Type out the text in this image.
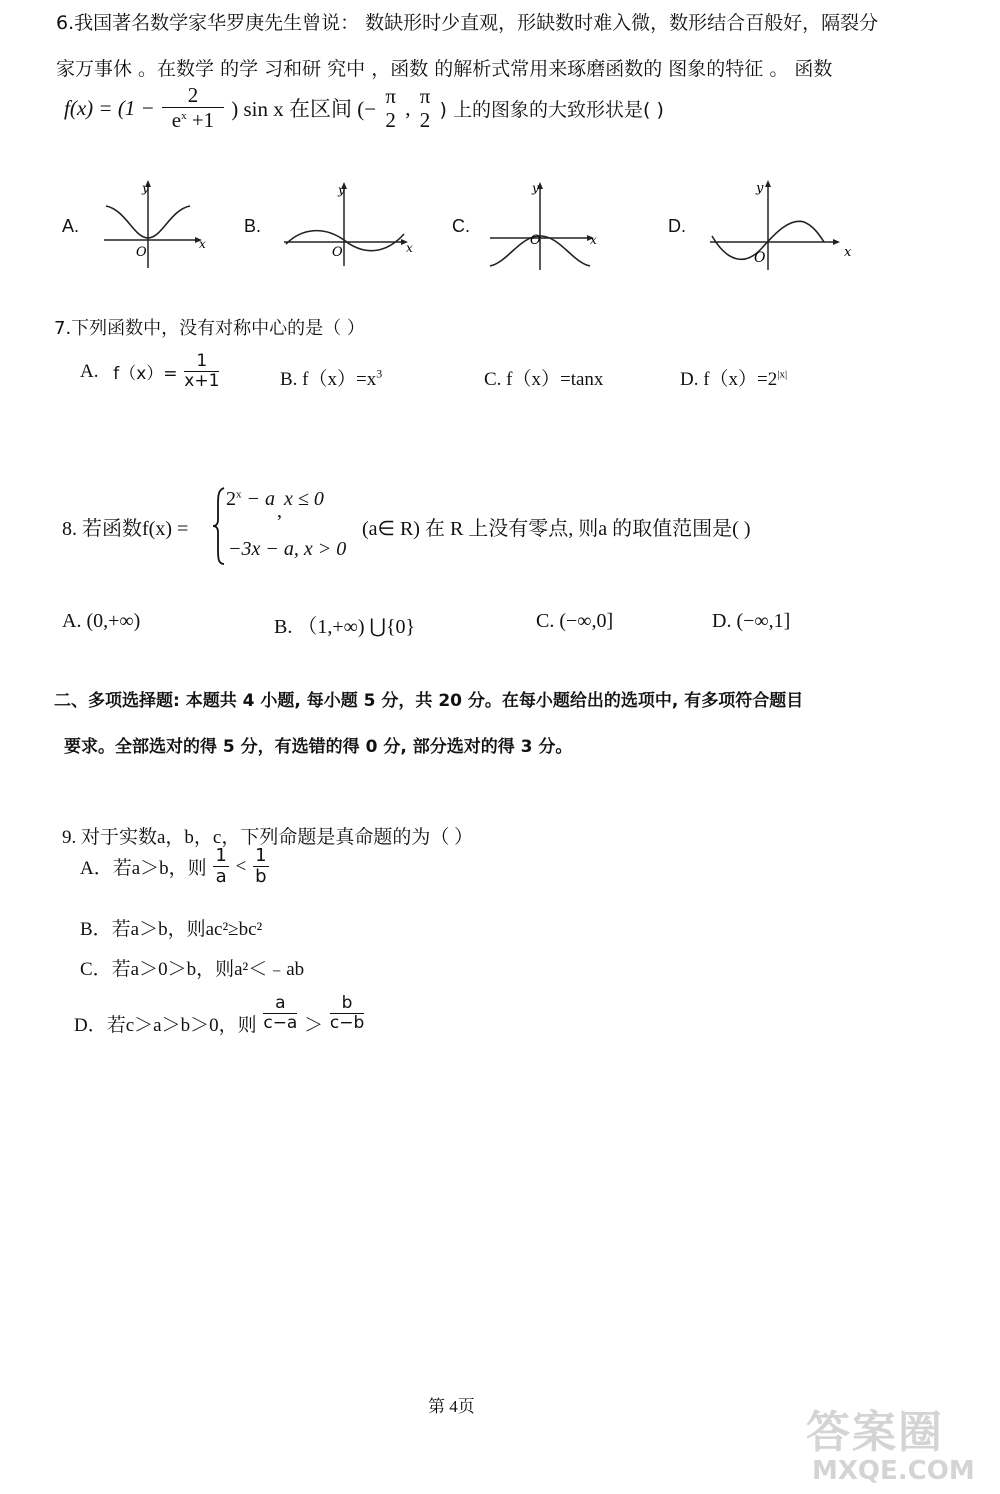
6.我国著名数学家华罗庚先生曾说： 数缺形时少直观，形缺数时难入微，数形结合百般好，隔裂分
家万事休 。在数学 的学 习和研 究中 ，函数 的解析式常用来琢磨函数的 图象的特征 。 函数
$f(x) = (1 - \frac{2}{e^x +1}$ ) sin x 在区间 (−
π
2 ,
π
2 ) 上的图象的大致形状是( )
A.
y
x
O
B.
y
x
O
C.
y
x
O
D.
y
x
O
7.下列函数中，没有对称中心的是（ ）
A. $f(x)= \frac{1}{x+1}$	B. $f(x)=x^3$	C. f（x）=tanx	D. $f(x)=2^{|x|}$
8. 若函数f(x) =
$2^x - a,x \le 0$
−3x − a, x > 0
(a∈ R) 在 R 上没有零点, 则a 的取值范围是( )
A. (0,+∞)	B. （1,+∞) ⋃{0}	C. (−∞,0]	D. (−∞,1]
二、多项选择题: 本题共 4 小题, 每小题 5 分，共 20 分。在每小题给出的选项中, 有多项符合题目
要求。全部选对的得 5 分，有选错的得 0 分, 部分选对的得 3 分。
9. 对于实数a，b，c，下列命题是真命题的为（ ）
A．若a＞b，则 $\frac{1}{a} < \frac{1}{b}$
B．若a＞b，则ac²≥bc²
C．若a＞0＞b，则a²＜﹣ab
D．若c＞a＞b＞0，则 $\frac{a}{c-a} > \frac{b}{c-b}$
第 4页
答案圈
MXQE.COM
